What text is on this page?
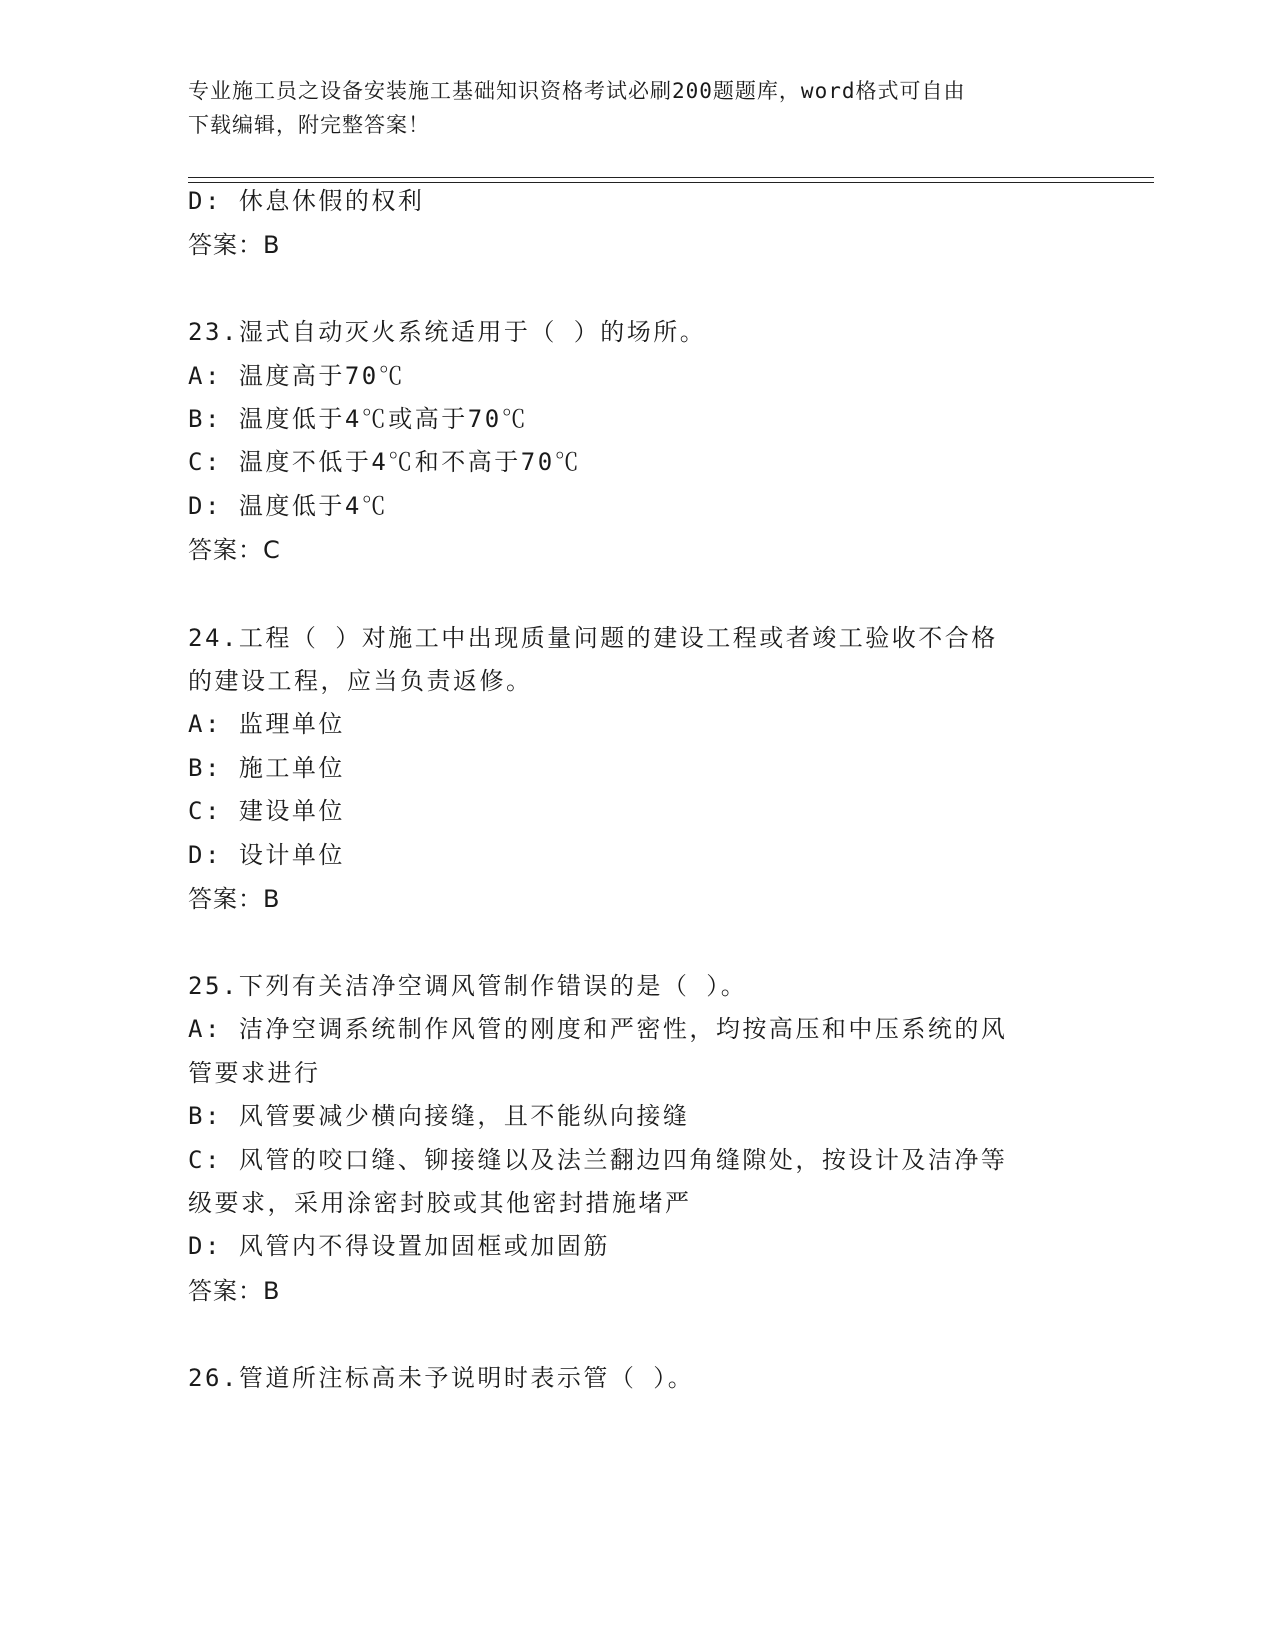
专业施工员之设备安装施工基础知识资格考试必刷200题题库，word格式可自由
下载编辑，附完整答案！
D: 休息休假的权利
答案：B
23.湿式自动灭火系统适用于（ ）的场所。
A: 温度高于70℃
B: 温度低于4℃或高于70℃
C: 温度不低于4℃和不高于70℃
D: 温度低于4℃
答案：C
24.工程（ ）对施工中出现质量问题的建设工程或者竣工验收不合格
的建设工程，应当负责返修。
A: 监理单位
B: 施工单位
C: 建设单位
D: 设计单位
答案：B
25.下列有关洁净空调风管制作错误的是（ ）。
A: 洁净空调系统制作风管的刚度和严密性，均按高压和中压系统的风
管要求进行
B: 风管要减少横向接缝，且不能纵向接缝
C: 风管的咬口缝、铆接缝以及法兰翻边四角缝隙处，按设计及洁净等
级要求，采用涂密封胶或其他密封措施堵严
D: 风管内不得设置加固框或加固筋
答案：B
26.管道所注标高未予说明时表示管（ ）。
